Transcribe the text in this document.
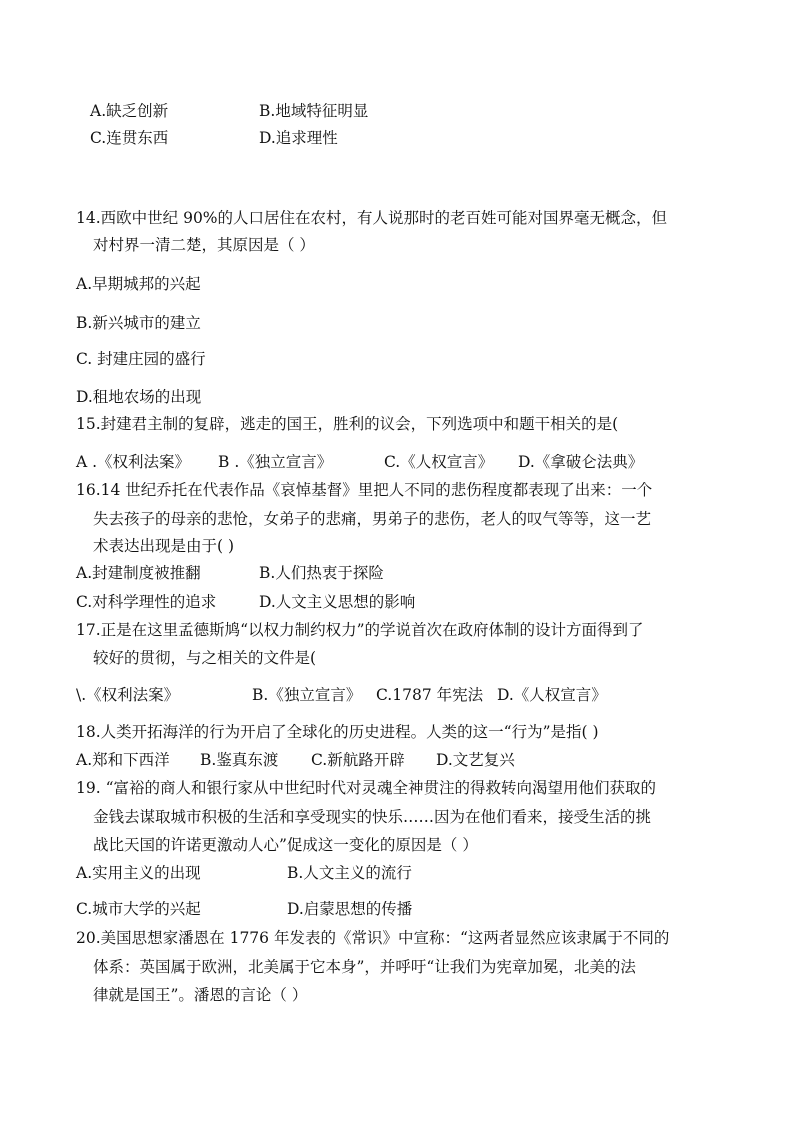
A.缺乏创新	B.地域特征明显
C.连贯东西	D.追求理性
14.西欧中世纪 90%的人口居住在农村，有人说那时的老百姓可能对国界毫无概念，但
对村界一清二楚，其原因是（ ）
A.早期城邦的兴起
B.新兴城市的建立
C. 封建庄园的盛行
D.租地农场的出现
15.封建君主制的复辟，逃走的国王，胜利的议会，下列选项中和题干相关的是(
A .《权利法案》 B .《独立宣言》	C.《人权宣言》 D.《拿破仑法典》
16.14 世纪乔托在代表作品《哀悼基督》里把人不同的悲伤程度都表现了出来：一个
失去孩子的母亲的悲怆，女弟子的悲痛，男弟子的悲伤，老人的叹气等等，这一艺
术表达出现是由于( )
A.封建制度被推翻	B.人们热衷于探险
C.对科学理性的追求	D.人文主义思想的影响
17.正是在这里孟德斯鸠“以权力制约权力”的学说首次在政府体制的设计方面得到了
较好的贯彻，与之相关的文件是(
\.《权利法案》	B.《独立宣言》 C.1787 年宪法 D.《人权宣言》
18.人类开拓海洋的行为开启了全球化的历史进程。人类的这一“行为”是指( )
A.郑和下西洋 B.鉴真东渡 C.新航路开辟 D.文艺复兴
19. “富裕的商人和银行家从中世纪时代对灵魂全神贯注的得救转向渴望用他们获取的
金钱去谋取城市积极的生活和享受现实的快乐……因为在他们看来，接受生活的挑
战比天国的许诺更激动人心”促成这一变化的原因是（ ）
A.实用主义的出现	B.人文主义的流行
C.城市大学的兴起	D.启蒙思想的传播
20.美国思想家潘恩在 1776 年发表的《常识》中宣称：“这两者显然应该隶属于不同的
体系：英国属于欧洲，北美属于它本身”，并呼吁“让我们为宪章加冕，北美的法
律就是国王”。潘恩的言论（ ）
